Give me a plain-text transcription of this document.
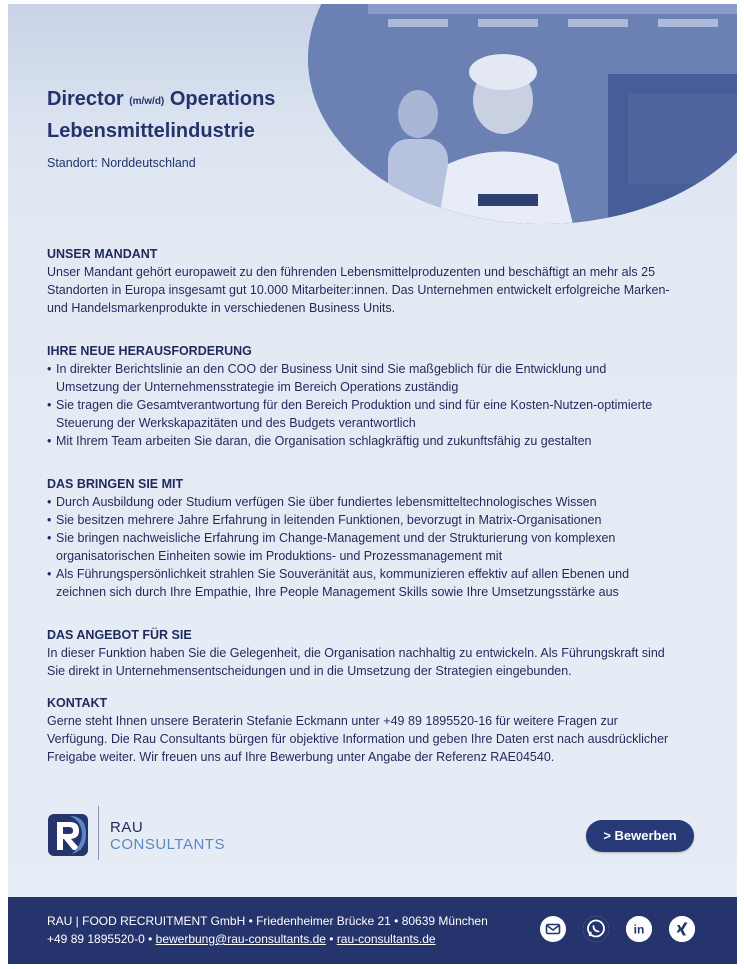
Director (m/w/d) Operations
Lebensmittelindustrie
Standort: Norddeutschland
UNSER MANDANT

Unser Mandant gehört europaweit zu den führenden Lebensmittelproduzenten und beschäftigt an mehr als 25

Standorten in Europa insgesamt gut 10.000 Mitarbeiter:innen. Das Unternehmen entwickelt erfolgreiche Marken-

und Handelsmarkenprodukte in verschiedenen Business Units.

IHRE NEUE HERAUSFORDERUNG
• In direkter Berichtslinie an den COO der Business Unit sind Sie maßgeblich für die Entwicklung und
Umsetzung der Unternehmensstrategie im Bereich Operations zuständig
• Sie tragen die Gesamtverantwortung für den Bereich Produktion und sind für eine Kosten-Nutzen-optimierte
Steuerung der Werkskapazitäten und des Budgets verantwortlich
• Mit Ihrem Team arbeiten Sie daran, die Organisation schlagkräftig und zukunftsfähig zu gestalten
DAS BRINGEN SIE MIT
• Durch Ausbildung oder Studium verfügen Sie über fundiertes lebensmitteltechnologisches Wissen
• Sie besitzen mehrere Jahre Erfahrung in leitenden Funktionen, bevorzugt in Matrix-Organisationen
• Sie bringen nachweisliche Erfahrung im Change-Management und der Strukturierung von komplexen
organisatorischen Einheiten sowie im Produktions- und Prozessmanagement mit
• Als Führungspersönlichkeit strahlen Sie Souveränität aus, kommunizieren effektiv auf allen Ebenen und
zeichnen sich durch Ihre Empathie, Ihre People Management Skills sowie Ihre Umsetzungsstärke aus
DAS ANGEBOT FÜR SIE

In dieser Funktion haben Sie die Gelegenheit, die Organisation nachhaltig zu entwickeln. Als Führungskraft sind

Sie direkt in Unternehmensentscheidungen und in die Umsetzung der Strategien eingebunden.

KONTAKT

Gerne steht Ihnen unsere Beraterin Stefanie Eckmann unter +49 89 1895520-16 für weitere Fragen zur

Verfügung. Die Rau Consultants bürgen für objektive Information und geben Ihre Daten erst nach ausdrücklicher

Freigabe weiter. Wir freuen uns auf Ihre Bewerbung unter Angabe der Referenz RAE04540.

RAU
CONSULTANTS
> Bewerben
RAU | FOOD RECRUITMENT GmbH • Friedenheimer Brücke 21 • 80639 München
+49 89 1895520-0 • bewerbung@rau-consultants.de • rau-consultants.de
in
